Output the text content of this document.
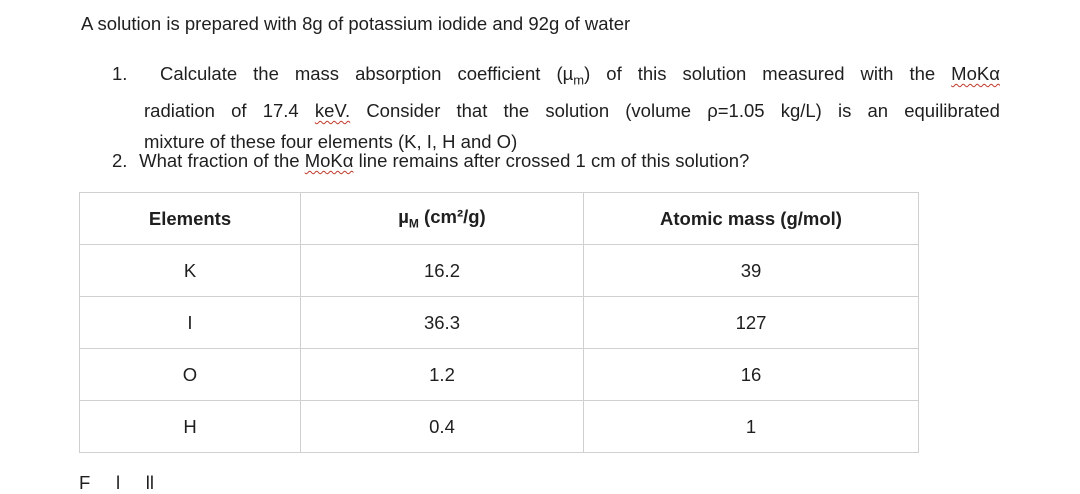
A solution is prepared with 8g of potassium iodide and 92g of water
1.	Calculate the mass absorption coefficient (µ$_m$) of this solution measured with the MoKα
radiation of 17.4 keV. Consider that the solution (volume ρ=1.05 kg/L) is an equilibrated
mixture of these four elements (K, I, H and O)
2. What fraction of the MoKα line remains after crossed 1 cm of this solution?
Elements	µ$_M$ (cm²/g)	Atomic mass (g/mol)
K	16.2	39
I	36.3	127
O	1.2	16
H	0.4	1
F     l     ll
